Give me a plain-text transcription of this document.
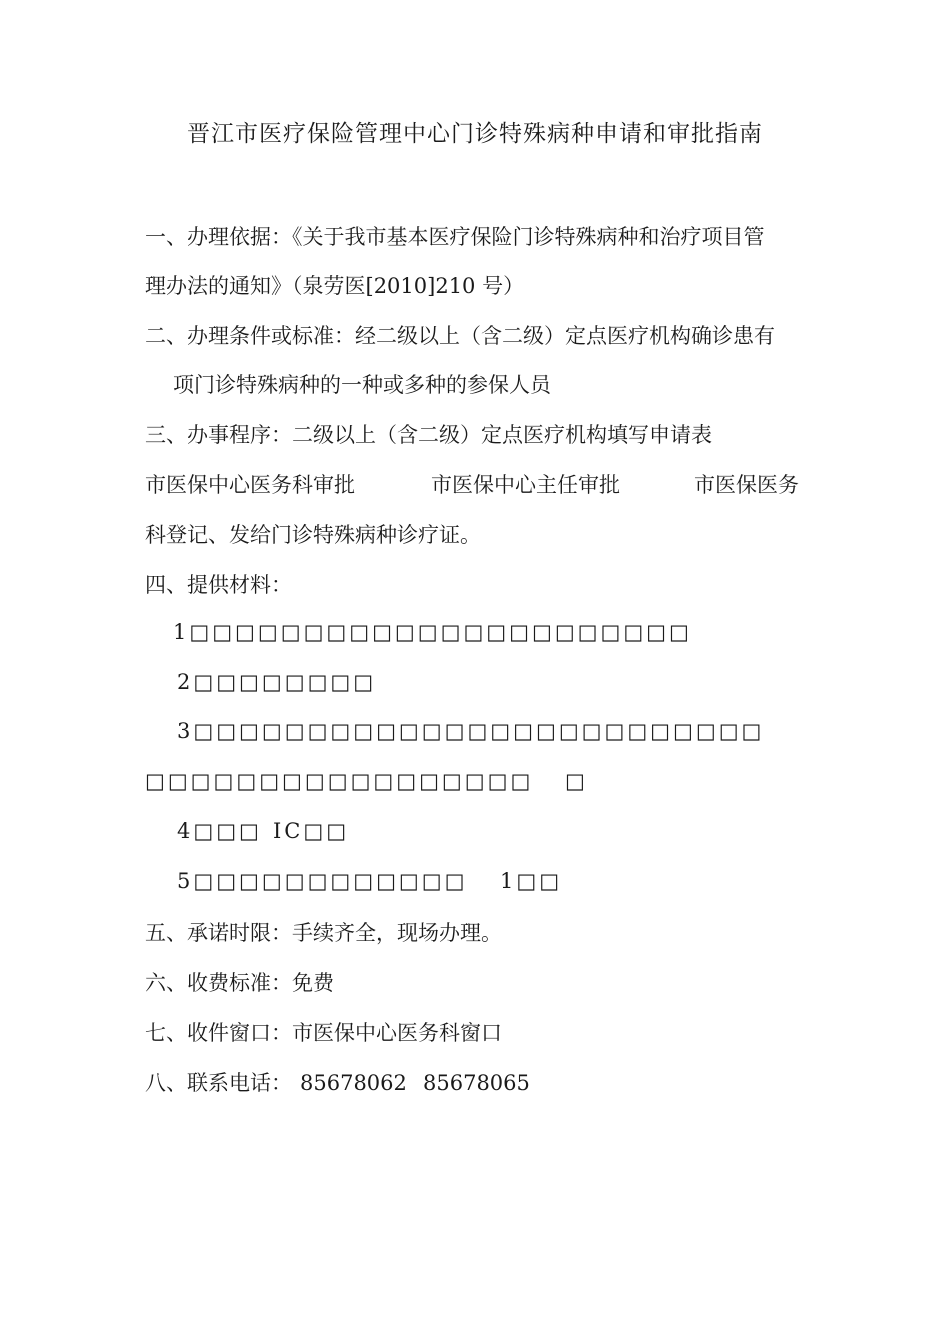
晋江市医疗保险管理中心门诊特殊病种申请和审批指南
一、办理依据：《关于我市基本医疗保险门诊特殊病种和治疗项目管
理办法的通知》（泉劳医[2010]210 号）
二、办理条件或标准：经二级以上（含二级）定点医疗机构确诊患有
项门诊特殊病种的一种或多种的参保人员
三、办事程序：二级以上（含二级）定点医疗机构填写申请表
市医保中心医务科审批	市医保中心主任审批	市医保医务
科登记、发给门诊特殊病种诊疗证。
四、提供材料：
1□□□□□□□□□□□□□□□□□□□□□□
2□□□□□□□□
3□□□□□□□□□□□□□□□□□□□□□□□□□
□□□□□□□□□□□□□□□□□ □
4□□□ IC□□
5□□□□□□□□□□□□ 1□□
五、承诺时限：手续齐全，现场办理。
六、收费标准：免费
七、收件窗口：市医保中心医务科窗口
八、联系电话： 85678062 85678065
